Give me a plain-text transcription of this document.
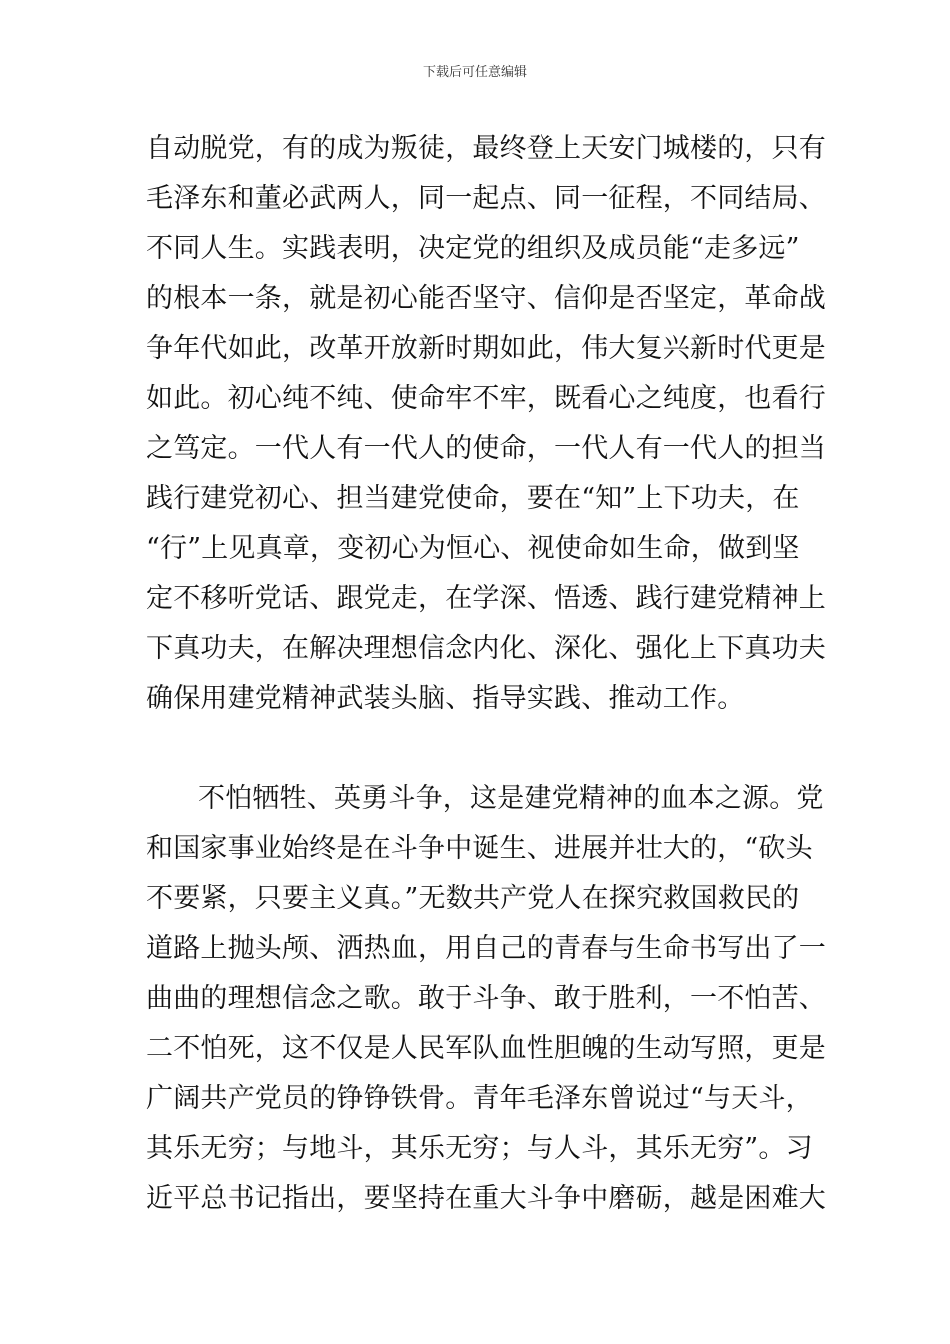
下载后可任意编辑
自动脱党，有的成为叛徒，最终登上天安门城楼的，只有
毛泽东和董必武两人，同一起点、同一征程，不同结局、
不同人生。实践表明，决定党的组织及成员能“走多远”
的根本一条，就是初心能否坚守、信仰是否坚定，革命战
争年代如此，改革开放新时期如此，伟大复兴新时代更是
如此。初心纯不纯、使命牢不牢，既看心之纯度，也看行
之笃定。一代人有一代人的使命，一代人有一代人的担当
践行建党初心、担当建党使命，要在“知”上下功夫，在
“行”上见真章，变初心为恒心、视使命如生命，做到坚
定不移听党话、跟党走，在学深、悟透、践行建党精神上
下真功夫，在解决理想信念内化、深化、强化上下真功夫
确保用建党精神武装头脑、指导实践、推动工作。
不怕牺牲、英勇斗争，这是建党精神的血本之源。党
和国家事业始终是在斗争中诞生、进展并壮大的，“砍头
不要紧，只要主义真。”无数共产党人在探究救国救民的
道路上抛头颅、洒热血，用自己的青春与生命书写出了一
曲曲的理想信念之歌。敢于斗争、敢于胜利，一不怕苦、
二不怕死，这不仅是人民军队血性胆魄的生动写照，更是
广阔共产党员的铮铮铁骨。青年毛泽东曾说过“与天斗，
其乐无穷；与地斗，其乐无穷；与人斗，其乐无穷”。习
近平总书记指出，要坚持在重大斗争中磨砺，越是困难大
